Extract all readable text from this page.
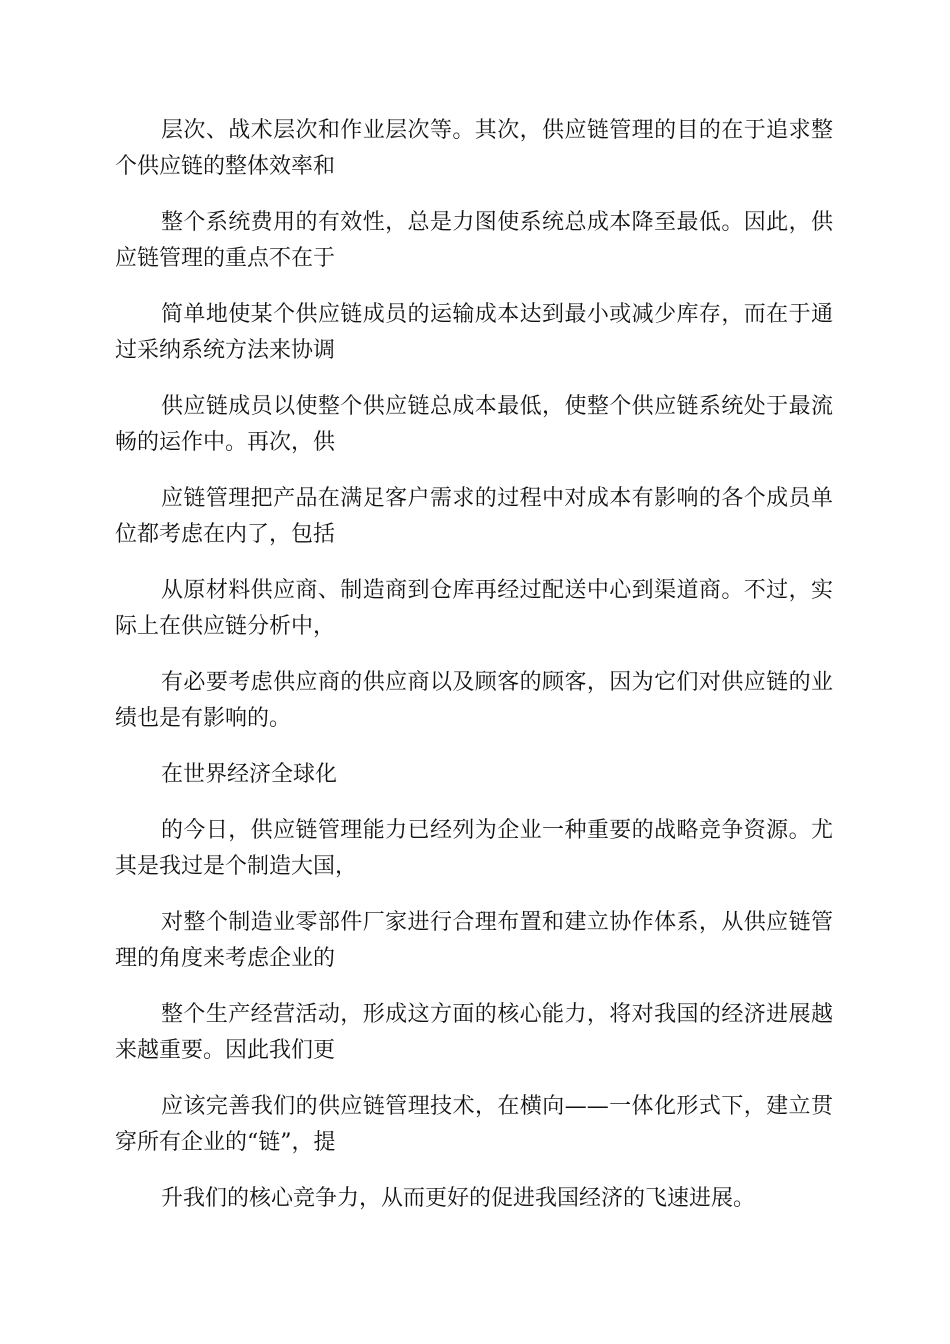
层次、战术层次和作业层次等。其次，供应链管理的目的在于追求整个供应链的整体效率和

整个系统费用的有效性，总是力图使系统总成本降至最低。因此，供应链管理的重点不在于

简单地使某个供应链成员的运输成本达到最小或减少库存，而在于通过采纳系统方法来协调

供应链成员以使整个供应链总成本最低，使整个供应链系统处于最流畅的运作中。再次，供

应链管理把产品在满足客户需求的过程中对成本有影响的各个成员单位都考虑在内了，包括

从原材料供应商、制造商到仓库再经过配送中心到渠道商。不过，实际上在供应链分析中，

有必要考虑供应商的供应商以及顾客的顾客，因为它们对供应链的业绩也是有影响的。

在世界经济全球化

的今日，供应链管理能力已经列为企业一种重要的战略竞争资源。尤其是我过是个制造大国，

对整个制造业零部件厂家进行合理布置和建立协作体系，从供应链管理的角度来考虑企业的

整个生产经营活动，形成这方面的核心能力，将对我国的经济进展越来越重要。因此我们更

应该完善我们的供应链管理技术，在横向——一体化形式下，建立贯穿所有企业的“链”，提

升我们的核心竞争力，从而更好的促进我国经济的飞速进展。
